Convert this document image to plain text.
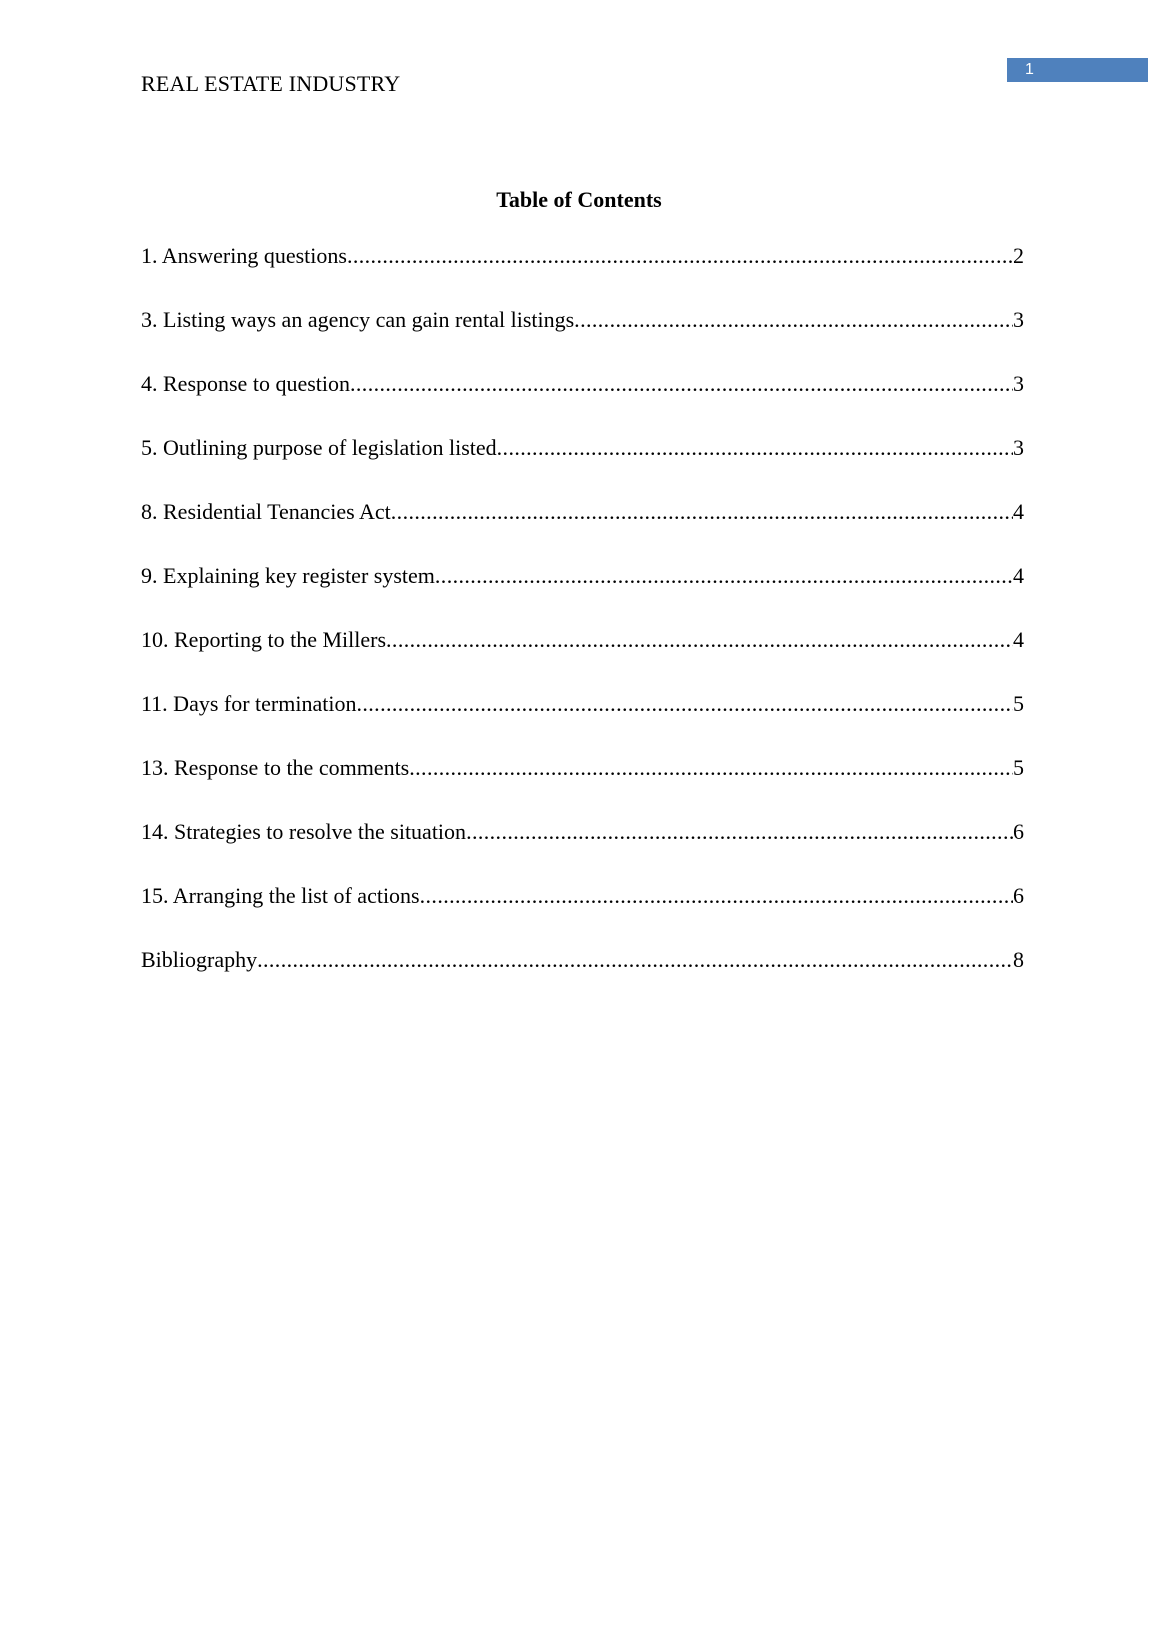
REAL ESTATE INDUSTRY
1
Table of Contents
1. Answering questions .....	2
3. Listing ways an agency can gain rental listings .....	3
4. Response to question .....	3
5. Outlining purpose of legislation listed .....	3
8. Residential Tenancies Act .....	4
9. Explaining key register system .....	4
10. Reporting to the Millers .....	4
11. Days for termination .....	5
13. Response to the comments .....	5
14. Strategies to resolve the situation .....	6
15. Arranging the list of actions .....	6
Bibliography .....	8
